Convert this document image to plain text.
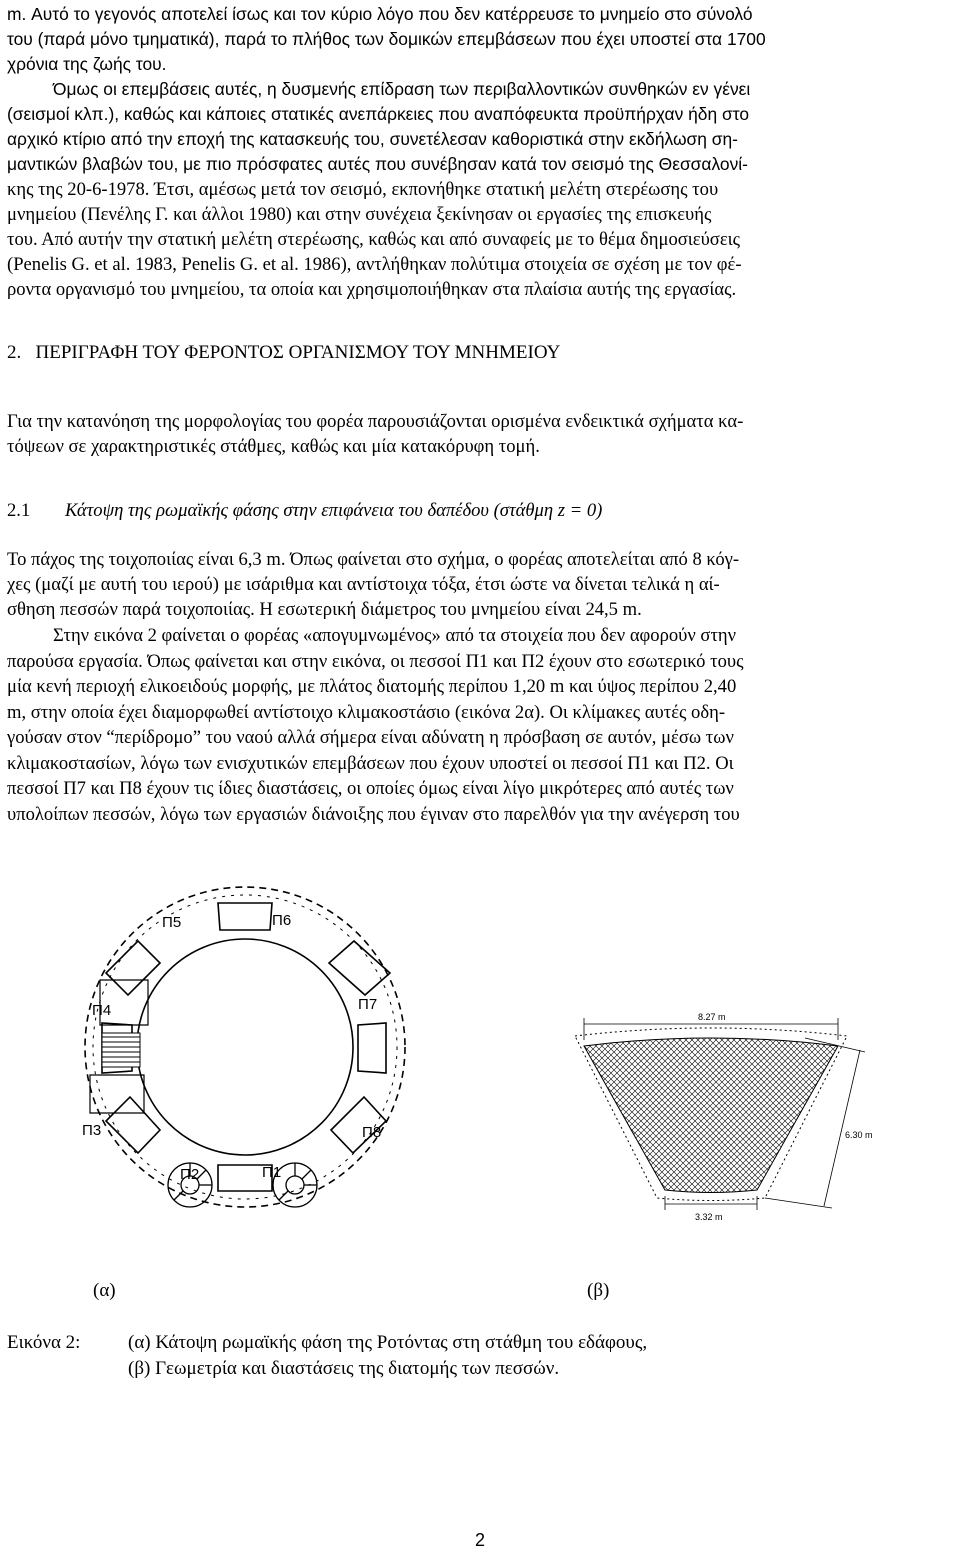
m. Αυτό το γεγονός αποτελεί ίσως και τον κύριο λόγο που δεν κατέρρευσε το μνημείο στο σύνολό
του (παρά μόνο τμηματικά), παρά το πλήθος των δομικών επεμβάσεων που έχει υποστεί στα 1700
χρόνια της ζωής του.
Όμως οι επεμβάσεις αυτές, η δυσμενής επίδραση των περιβαλλοντικών συνθηκών εν γένει
(σεισμοί κλπ.), καθώς και κάποιες στατικές ανεπάρκειες που αναπόφευκτα προϋπήρχαν ήδη στο
αρχικό κτίριο από την εποχή της κατασκευής του, συνετέλεσαν καθοριστικά στην εκδήλωση ση-
μαντικών βλαβών του, με πιο πρόσφατες αυτές που συνέβησαν κατά τον σεισμό της Θεσσαλονί-
κης της 20-6-1978. Έτσι, αμέσως μετά τον σεισμό, εκπονήθηκε στατική μελέτη στερέωσης του
μνημείου (Πενέλης Γ. και άλλοι 1980) και στην συνέχεια ξεκίνησαν οι εργασίες της επισκευής
του. Από αυτήν την στατική μελέτη στερέωσης, καθώς και από συναφείς με το θέμα δημοσιεύσεις
(Penelis G. et al. 1983, Penelis G. et al. 1986), αντλήθηκαν πολύτιμα στοιχεία σε σχέση με τον φέ-
ροντα οργανισμό του μνημείου, τα οποία και χρησιμοποιήθηκαν στα πλαίσια αυτής της εργασίας.
2.   ΠΕΡΙΓΡΑΦΗ ΤΟΥ ΦΕΡΟΝΤΟΣ ΟΡΓΑΝΙΣΜΟΥ ΤΟΥ ΜΝΗΜΕΙΟΥ
Για την κατανόηση της μορφολογίας του φορέα παρουσιάζονται ορισμένα ενδεικτικά σχήματα κα-
τόψεων σε χαρακτηριστικές στάθμες, καθώς και μία κατακόρυφη τομή.
2.1 Κάτοψη της ρωμαϊκής φάσης στην επιφάνεια του δαπέδου (στάθμη z = 0)
Το πάχος της τοιχοποιίας είναι 6,3 m. Όπως φαίνεται στο σχήμα, ο φορέας αποτελείται από 8 κόγ-
χες (μαζί με αυτή του ιερού) με ισάριθμα και αντίστοιχα τόξα, έτσι ώστε να δίνεται τελικά η αί-
σθηση πεσσών παρά τοιχοποιίας. Η εσωτερική διάμετρος του μνημείου είναι 24,5 m.
Στην εικόνα 2 φαίνεται ο φορέας «απογυμνωμένος» από τα στοιχεία που δεν αφορούν στην
παρούσα εργασία. Όπως φαίνεται και στην εικόνα, οι πεσσοί Π1 και Π2 έχουν στο εσωτερικό τους
μία κενή περιοχή ελικοειδούς μορφής, με πλάτος διατομής περίπου 1,20 m και ύψος περίπου 2,40
m, στην οποία έχει διαμορφωθεί αντίστοιχο κλιμακοστάσιο (εικόνα 2α). Οι κλίμακες αυτές οδη-
γούσαν στον “περίδρομο” του ναού αλλά σήμερα είναι αδύνατη η πρόσβαση σε αυτόν, μέσω των
κλιμακοστασίων, λόγω των ενισχυτικών επεμβάσεων που έχουν υποστεί οι πεσσοί Π1 και Π2. Οι
πεσσοί Π7 και Π8 έχουν τις ίδιες διαστάσεις, οι οποίες όμως είναι λίγο μικρότερες από αυτές των
υπολοίπων πεσσών, λόγω των εργασιών διάνοιξης που έγιναν στο παρελθόν για την ανέγερση του
Π5	Π6
Π4	Π7
Π3	Π8
Π2	Π1
8.27 m
6.30 m
3.32 m
(α)	(β)
Εικόνα 2:	(α) Κάτοψη ρωμαϊκής φάση της Ροτόντας στη στάθμη του εδάφους,
(β) Γεωμετρία και διαστάσεις της διατομής των πεσσών.
2
